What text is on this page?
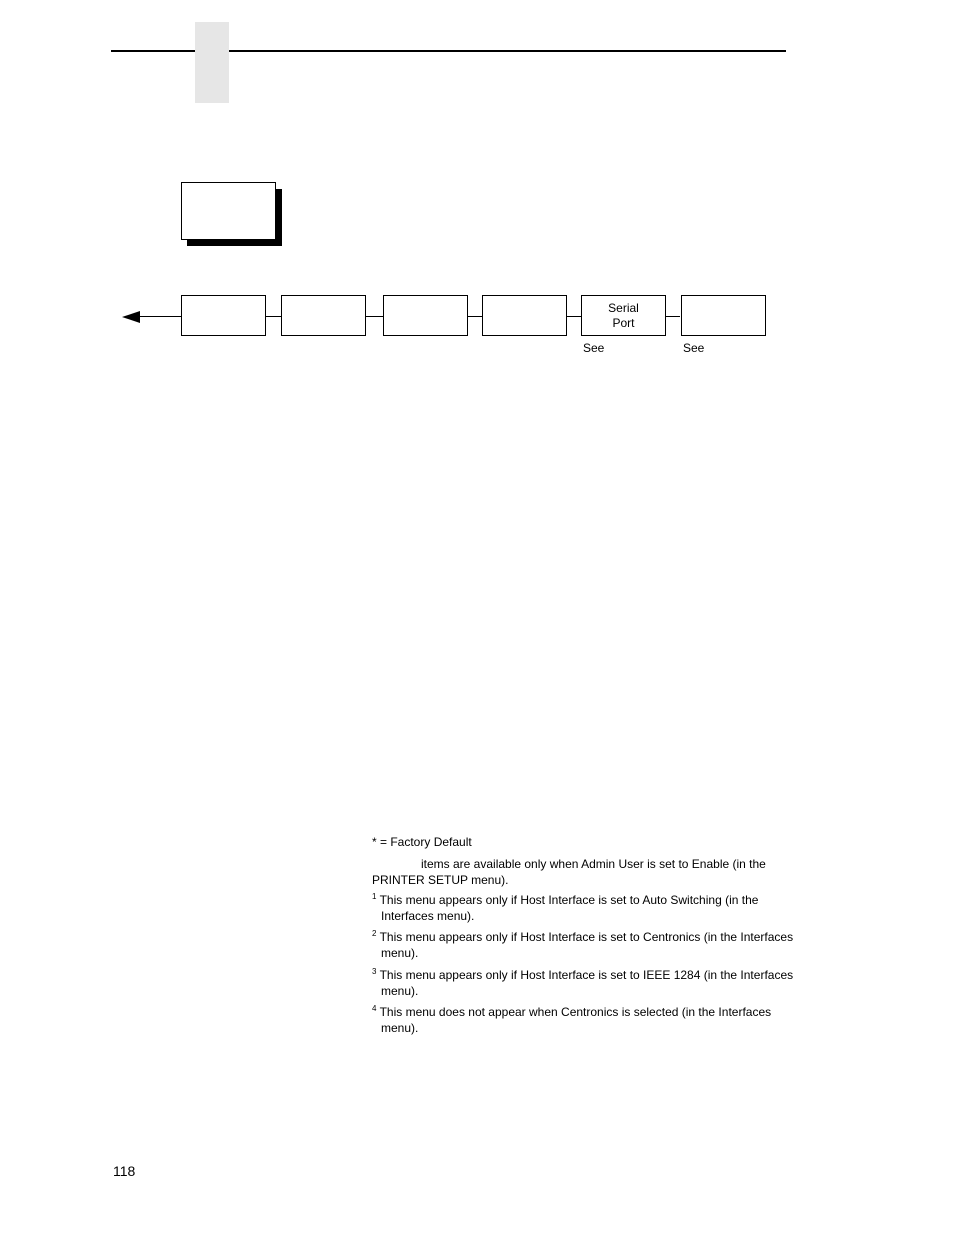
Serial
Port
See	See
* = Factory Default
items are available only when Admin User is set to Enable (in the PRINTER SETUP menu).
$^1$ This menu appears only if Host Interface is set to Auto Switching (in the Interfaces menu).
$^2$ This menu appears only if Host Interface is set to Centronics (in the Interfaces menu).
$^3$ This menu appears only if Host Interface is set to IEEE 1284 (in the Interfaces menu).
$^4$ This menu does not appear when Centronics is selected (in the Interfaces menu).
118
